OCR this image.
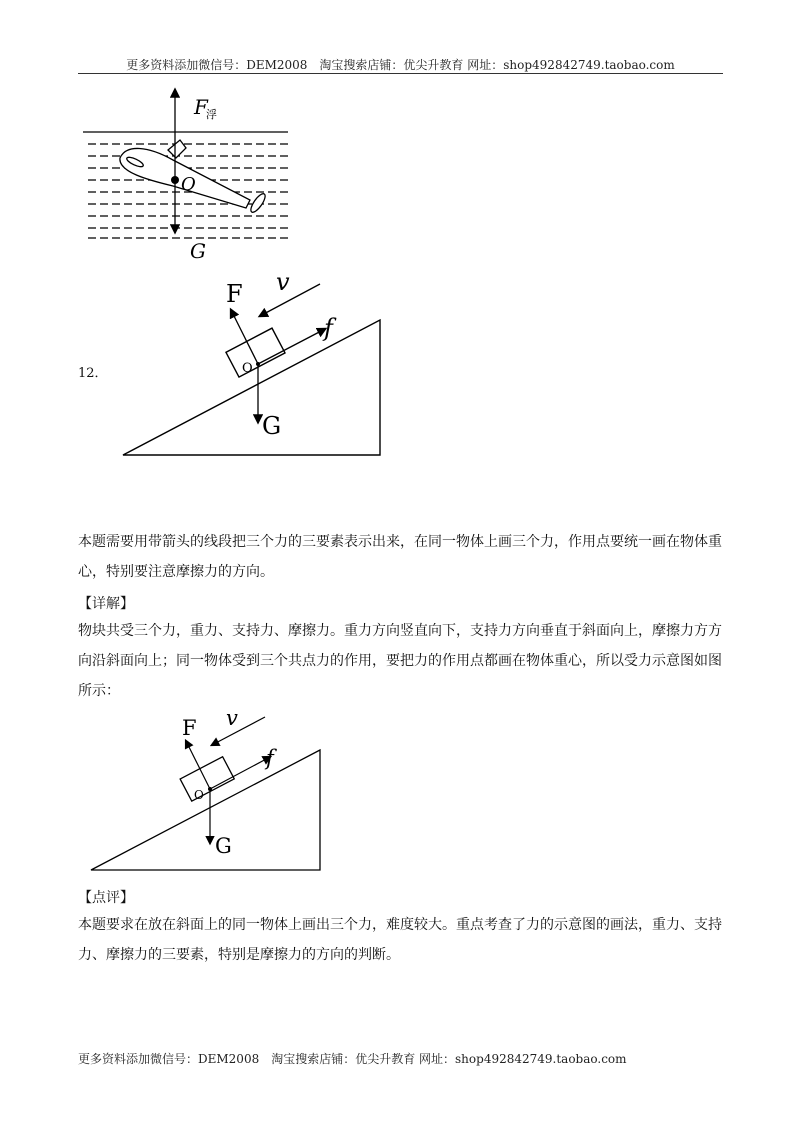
更多资料添加微信号：DEM2008　淘宝搜索店铺：优尖升教育 网址：shop492842749.taobao.com
F
浮
O
G
12．
F v
f
O
G
本题需要用带箭头的线段把三个力的三要素表示出来，在同一物体上画三个力，作用点要统一画在物体重心，特别要注意摩擦力的方向。
【详解】
物块共受三个力，重力、支持力、摩擦力。重力方向竖直向下，支持力方向垂直于斜面向上，摩擦力方方向沿斜面向上；同一物体受到三个共点力的作用，要把力的作用点都画在物体重心，所以受力示意图如图所示：
F v
f
O
G
【点评】
本题要求在放在斜面上的同一物体上画出三个力，难度较大。重点考查了力的示意图的画法，重力、支持力、摩擦力的三要素，特别是摩擦力的方向的判断。
更多资料添加微信号：DEM2008　淘宝搜索店铺：优尖升教育 网址：shop492842749.taobao.com
